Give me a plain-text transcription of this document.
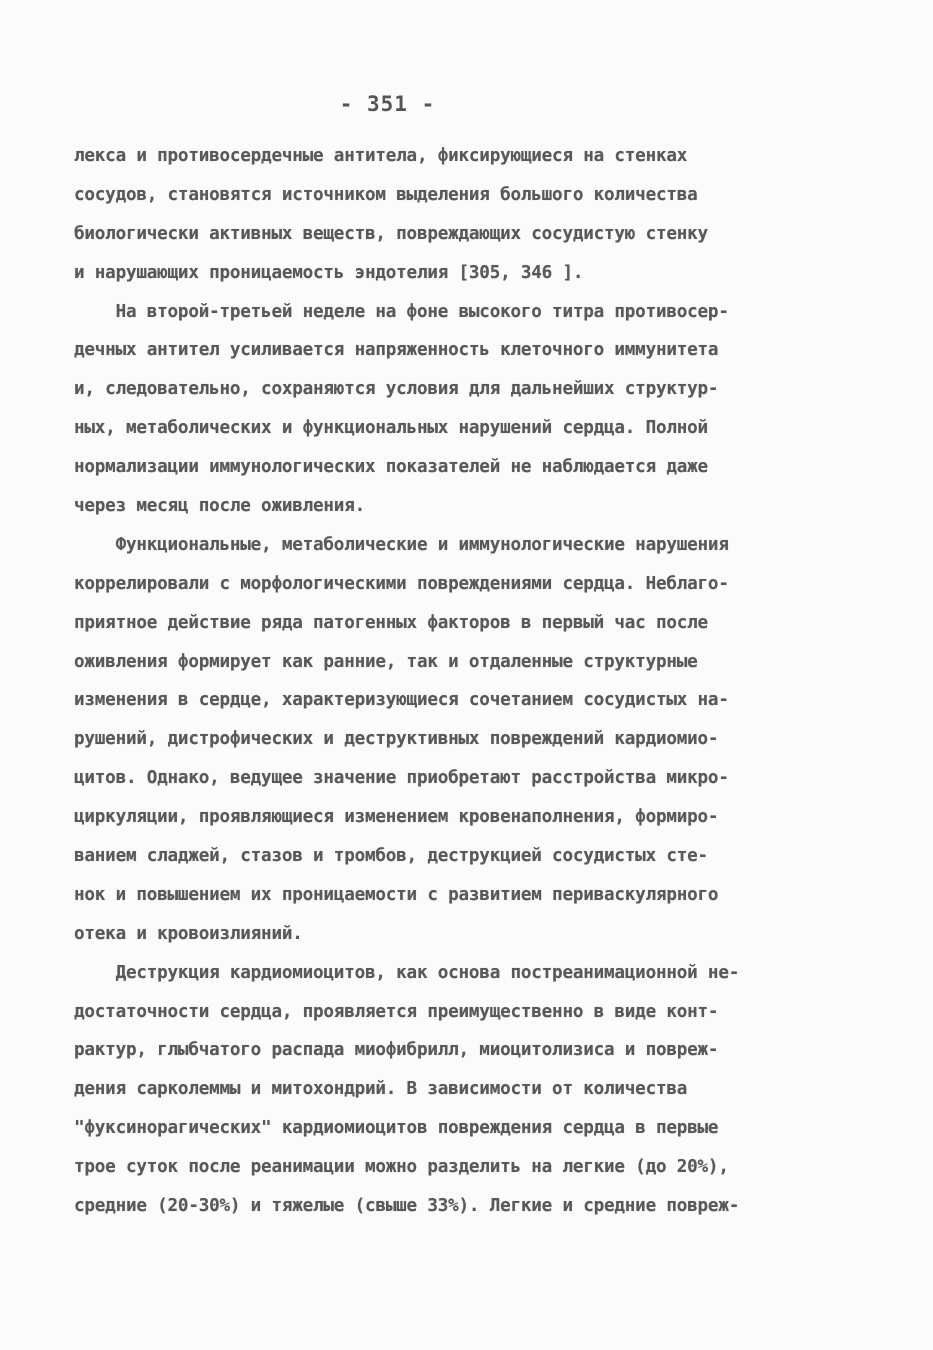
- 351 -
лекса и противосердечные антитела, фиксирующиеся на стенках
сосудов, становятся источником выделения большого количества
биологически активных веществ, повреждающих сосудистую стенку
и нарушающих проницаемость эндотелия [305, 346 ].
На второй-третьей неделе на фоне высокого титра противосер-
дечных антител усиливается напряженность клеточного иммунитета
и, следовательно, сохраняются условия для дальнейших структур-
ных, метаболических и функциональных нарушений сердца. Полной
нормализации иммунологических показателей не наблюдается даже
через месяц после оживления.
Функциональные, метаболические и иммунологические нарушения
коррелировали с морфологическими повреждениями сердца. Неблаго-
приятное действие ряда патогенных факторов в первый час после
оживления формирует как ранние, так и отдаленные структурные
изменения в сердце, характеризующиеся сочетанием сосудистых на-
рушений, дистрофических и деструктивных повреждений кардиомио-
цитов. Однако, ведущее значение приобретают расстройства микро-
циркуляции, проявляющиеся изменением кровенаполнения, формиро-
ванием сладжей, стазов и тромбов, деструкцией сосудистых сте-
нок и повышением их проницаемости с развитием периваскулярного
отека и кровоизлияний.
Деструкция кардиомиоцитов, как основа постреанимационной не-
достаточности сердца, проявляется преимущественно в виде конт-
рактур, глыбчатого распада миофибрилл, миоцитолизиса и повреж-
дения сарколеммы и митохондрий. В зависимости от количества
"фуксинорагических" кардиомиоцитов повреждения сердца в первые
трое суток после реанимации можно разделить на легкие (до 20%),
средние (20-30%) и тяжелые (свыше 33%). Легкие и средние повреж-
